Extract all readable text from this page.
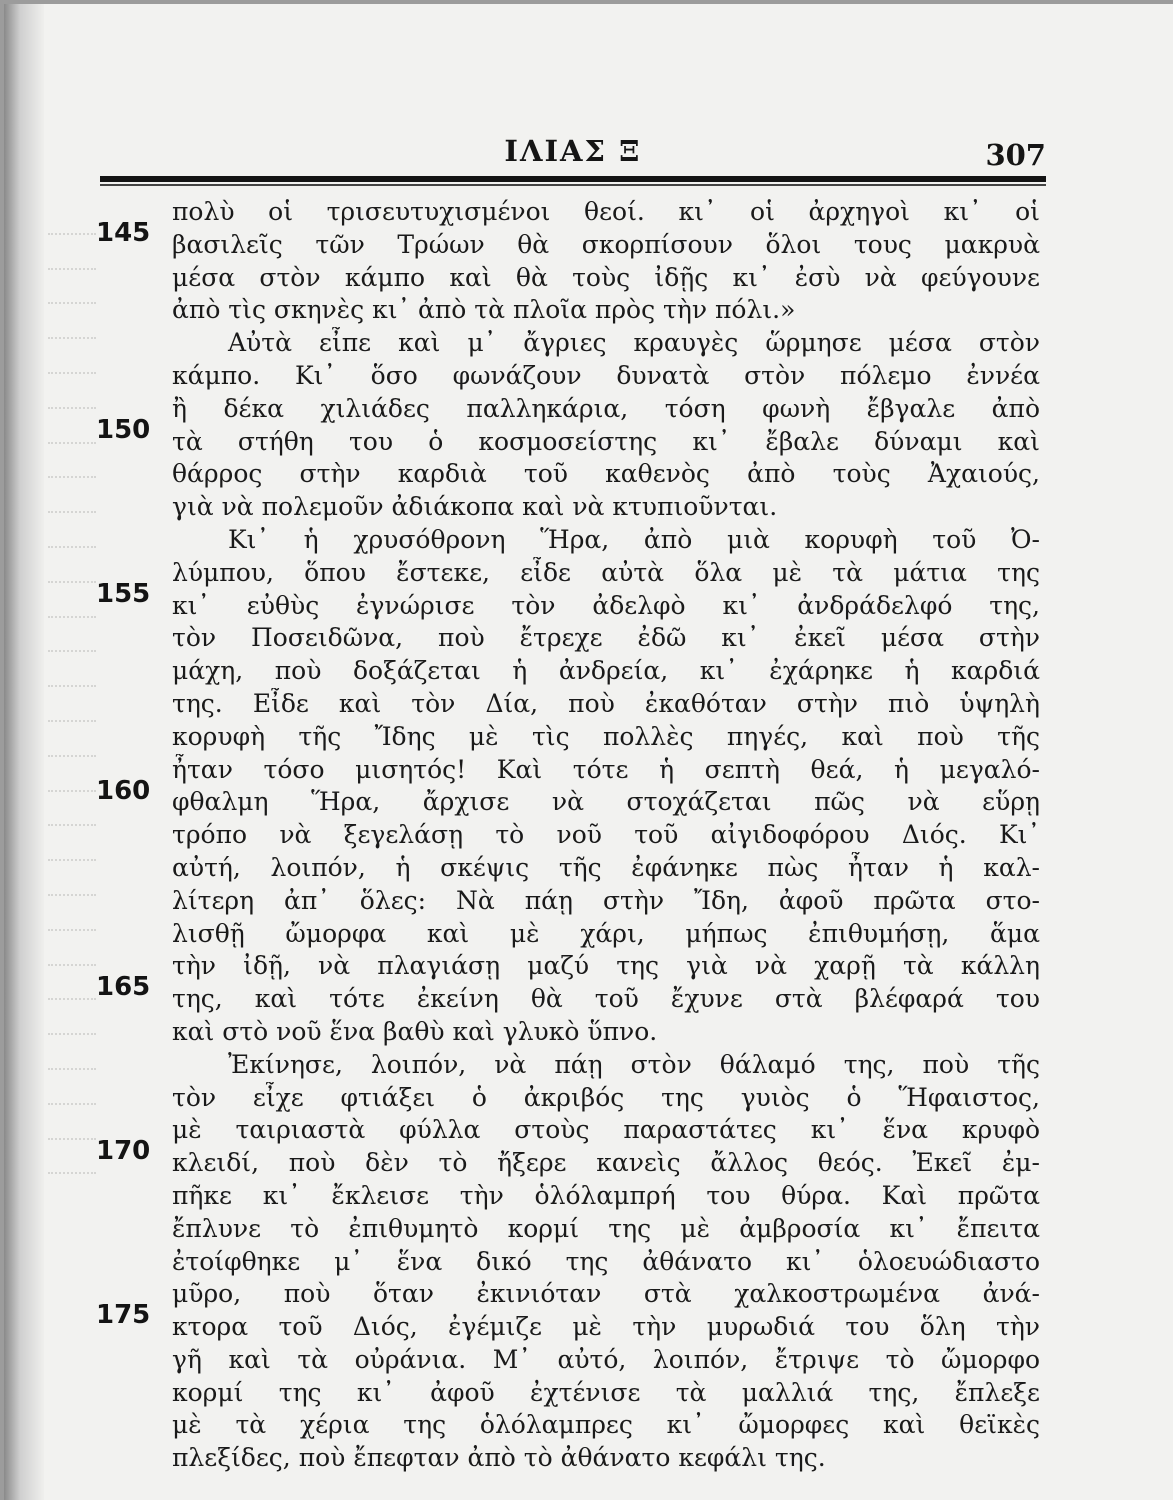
ΙΛΙΑΣ Ξ	307
145
150
155
160
165
170
175
πολὺ οἱ τρισευτυχισμένοι θεοί. κι᾿ οἱ ἀρχηγοὶ κι᾿ οἱ
βασιλεῖς τῶν Τρώων θὰ σκορπίσουν ὅλοι τους μακρυὰ
μέσα στὸν κάμπο καὶ θὰ τοὺς ἰδῇς κι᾿ ἐσὺ νὰ φεύγουνε
ἀπὸ τὶς σκηνὲς κι᾿ ἀπὸ τὰ πλοῖα πρὸς τὴν πόλι.»
Αὐτὰ εἶπε καὶ μ᾿ ἄγριες κραυγὲς ὥρμησε μέσα στὸν
κάμπο. Κι᾿ ὅσο φωνάζουν δυνατὰ στὸν πόλεμο ἐννέα
ἢ δέκα χιλιάδες παλληκάρια, τόση φωνὴ ἔβγαλε ἀπὸ
τὰ στήθη του ὁ κοσμοσείστης κι᾿ ἔβαλε δύναμι καὶ
θάρρος στὴν καρδιὰ τοῦ καθενὸς ἀπὸ τοὺς Ἀχαιούς,
γιὰ νὰ πολεμοῦν ἀδιάκοπα καὶ νὰ κτυπιοῦνται.
Κι᾿ ἡ χρυσόθρονη Ἥρα, ἀπὸ μιὰ κορυφὴ τοῦ Ὀ-
λύμπου, ὅπου ἔστεκε, εἶδε αὐτὰ ὅλα μὲ τὰ μάτια της
κι᾿ εὐθὺς ἐγνώρισε τὸν ἀδελφὸ κι᾿ ἀνδράδελφό της,
τὸν Ποσειδῶνα, ποὺ ἔτρεχε ἐδῶ κι᾿ ἐκεῖ μέσα στὴν
μάχη, ποὺ δοξάζεται ἡ ἀνδρεία, κι᾿ ἐχάρηκε ἡ καρδιά
της. Εἶδε καὶ τὸν Δία, ποὺ ἐκαθόταν στὴν πιὸ ὑψηλὴ
κορυφὴ τῆς Ἴδης μὲ τὶς πολλὲς πηγές, καὶ ποὺ τῆς
ἦταν τόσο μισητός! Καὶ τότε ἡ σεπτὴ θεά, ἡ μεγαλό-
φθαλμη Ἥρα, ἄρχισε νὰ στοχάζεται πῶς νὰ εὕρῃ
τρόπο νὰ ξεγελάσῃ τὸ νοῦ τοῦ αἰγιδοφόρου Διός. Κι᾿
αὐτή, λοιπόν, ἡ σκέψις τῆς ἐφάνηκε πὼς ἦταν ἡ καλ-
λίτερη ἀπ᾿ ὅλες: Νὰ πάῃ στὴν Ἴδη, ἀφοῦ πρῶτα στο-
λισθῇ ὤμορφα καὶ μὲ χάρι, μήπως ἐπιθυμήσῃ, ἅμα
τὴν ἰδῇ, νὰ πλαγιάσῃ μαζύ της γιὰ νὰ χαρῇ τὰ κάλλη
της, καὶ τότε ἐκείνη θὰ τοῦ ἔχυνε στὰ βλέφαρά του
καὶ στὸ νοῦ ἕνα βαθὺ καὶ γλυκὸ ὕπνο.
Ἐκίνησε, λοιπόν, νὰ πάῃ στὸν θάλαμό της, ποὺ τῆς
τὸν εἶχε φτιάξει ὁ ἀκριβός της γυιὸς ὁ Ἥφαιστος,
μὲ ταιριαστὰ φύλλα στοὺς παραστάτες κι᾿ ἕνα κρυφὸ
κλειδί, ποὺ δὲν τὸ ἤξερε κανεὶς ἄλλος θεός. Ἐκεῖ ἐμ-
πῆκε κι᾿ ἔκλεισε τὴν ὁλόλαμπρή του θύρα. Καὶ πρῶτα
ἔπλυνε τὸ ἐπιθυμητὸ κορμί της μὲ ἀμβροσία κι᾿ ἔπειτα
ἐτοίφθηκε μ᾿ ἕνα δικό της ἀθάνατο κι᾿ ὁλοευώδιαστο
μῦρο, ποὺ ὅταν ἐκινιόταν στὰ χαλκοστρωμένα ἀνά-
κτορα τοῦ Διός, ἐγέμιζε μὲ τὴν μυρωδιά του ὅλη τὴν
γῆ καὶ τὰ οὐράνια. Μ᾿ αὐτό, λοιπόν, ἔτριψε τὸ ὤμορφο
κορμί της κι᾿ ἀφοῦ ἐχτένισε τὰ μαλλιά της, ἔπλεξε
μὲ τὰ χέρια της ὁλόλαμπρες κι᾿ ὤμορφες καὶ θεϊκὲς
πλεξίδες, ποὺ ἔπεφταν ἀπὸ τὸ ἀθάνατο κεφάλι της.
